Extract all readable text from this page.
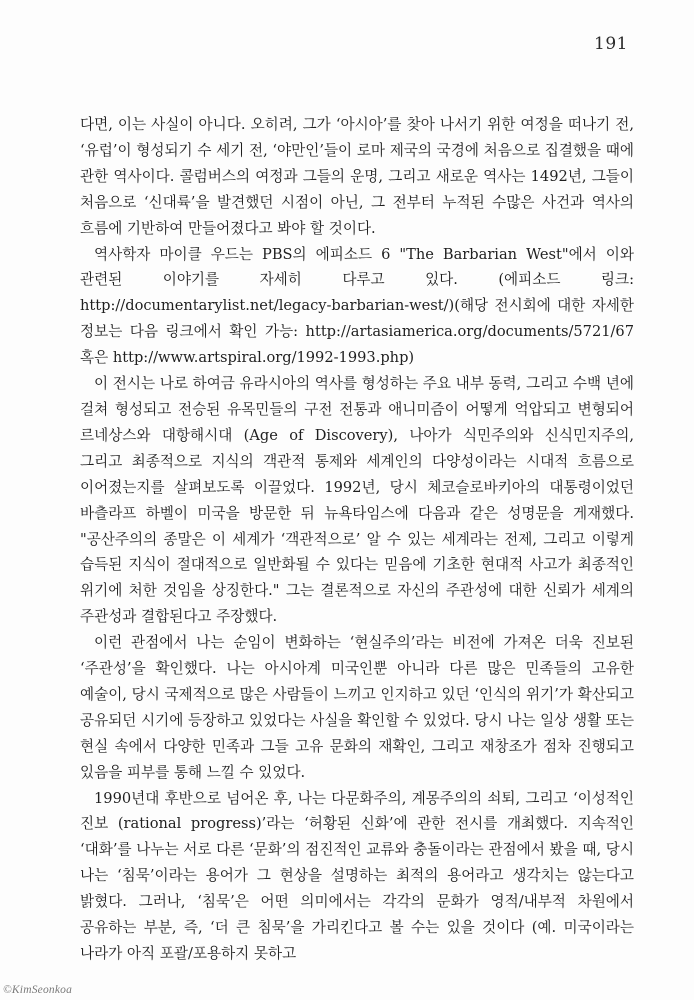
191

다면, 이는 사실이 아니다. 오히려, 그가 ‘아시아’를 찾아 나서기 위한 여정을 떠나기 전, ‘유럽’이 형성되기 수 세기 전, ‘야만인’들이 로마 제국의 국경에 처음으로 집결했을 때에 관한 역사이다. 콜럼버스의 여정과 그들의 운명, 그리고 새로운 역사는 1492년, 그들이 처음으로 ‘신대륙’을 발견했던 시점이 아닌, 그 전부터 누적된 수많은 사건과 역사의 흐름에 기반하여 만들어졌다고 봐야 할 것이다.

역사학자 마이클 우드는 PBS의 에피소드 6 "The Barbarian West"에서 이와 관련된 이야기를 자세히 다루고 있다. (에피소드 링크: http://documentarylist.net/legacy-barbarian-west/)(해당 전시회에 대한 자세한 정보는 다음 링크에서 확인 가능: http://artasiamerica.org/documents/5721/67 혹은 http://www.artspiral.org/1992-1993.php)

이 전시는 나로 하여금 유라시아의 역사를 형성하는 주요 내부 동력, 그리고 수백 년에 걸쳐 형성되고 전승된 유목민들의 구전 전통과 애니미즘이 어떻게 억압되고 변형되어 르네상스와 대항해시대 (Age of Discovery), 나아가 식민주의와 신식민지주의, 그리고 최종적으로 지식의 객관적 통제와 세계인의 다양성이라는 시대적 흐름으로 이어졌는지를 살펴보도록 이끌었다. 1992년, 당시 체코슬로바키아의 대통령이었던 바츨라프 하벨이 미국을 방문한 뒤 뉴욕타임스에 다음과 같은 성명문을 게재했다. "공산주의의 종말은 이 세계가 ‘객관적으로’ 알 수 있는 세계라는 전제, 그리고 이렇게 습득된 지식이 절대적으로 일반화될 수 있다는 믿음에 기초한 현대적 사고가 최종적인 위기에 처한 것임을 상징한다." 그는 결론적으로 자신의 주관성에 대한 신뢰가 세계의 주관성과 결합된다고 주장했다.

이런 관점에서 나는 순임이 변화하는 ‘현실주의’라는 비전에 가져온 더욱 진보된 ‘주관성’을 확인했다. 나는 아시아계 미국인뿐 아니라 다른 많은 민족들의 고유한 예술이, 당시 국제적으로 많은 사람들이 느끼고 인지하고 있던 ‘인식의 위기’가 확산되고 공유되던 시기에 등장하고 있었다는 사실을 확인할 수 있었다. 당시 나는 일상 생활 또는 현실 속에서 다양한 민족과 그들 고유 문화의 재확인, 그리고 재창조가 점차 진행되고 있음을 피부를 통해 느낄 수 있었다.

1990년대 후반으로 넘어온 후, 나는 다문화주의, 계몽주의의 쇠퇴, 그리고 ‘이성적인 진보 (rational progress)’라는 ‘허황된 신화’에 관한 전시를 개최했다. 지속적인 ‘대화’를 나누는 서로 다른 ‘문화’의 점진적인 교류와 충돌이라는 관점에서 봤을 때, 당시 나는 ‘침묵’이라는 용어가 그 현상을 설명하는 최적의 용어라고 생각치는 않는다고 밝혔다. 그러나, ‘침묵’은 어떤 의미에서는 각각의 문화가 영적/내부적 차원에서 공유하는 부분, 즉, ‘더 큰 침묵’을 가리킨다고 볼 수는 있을 것이다 (예. 미국이라는 나라가 아직 포괄/포용하지 못하고

©KimSeonkoa
